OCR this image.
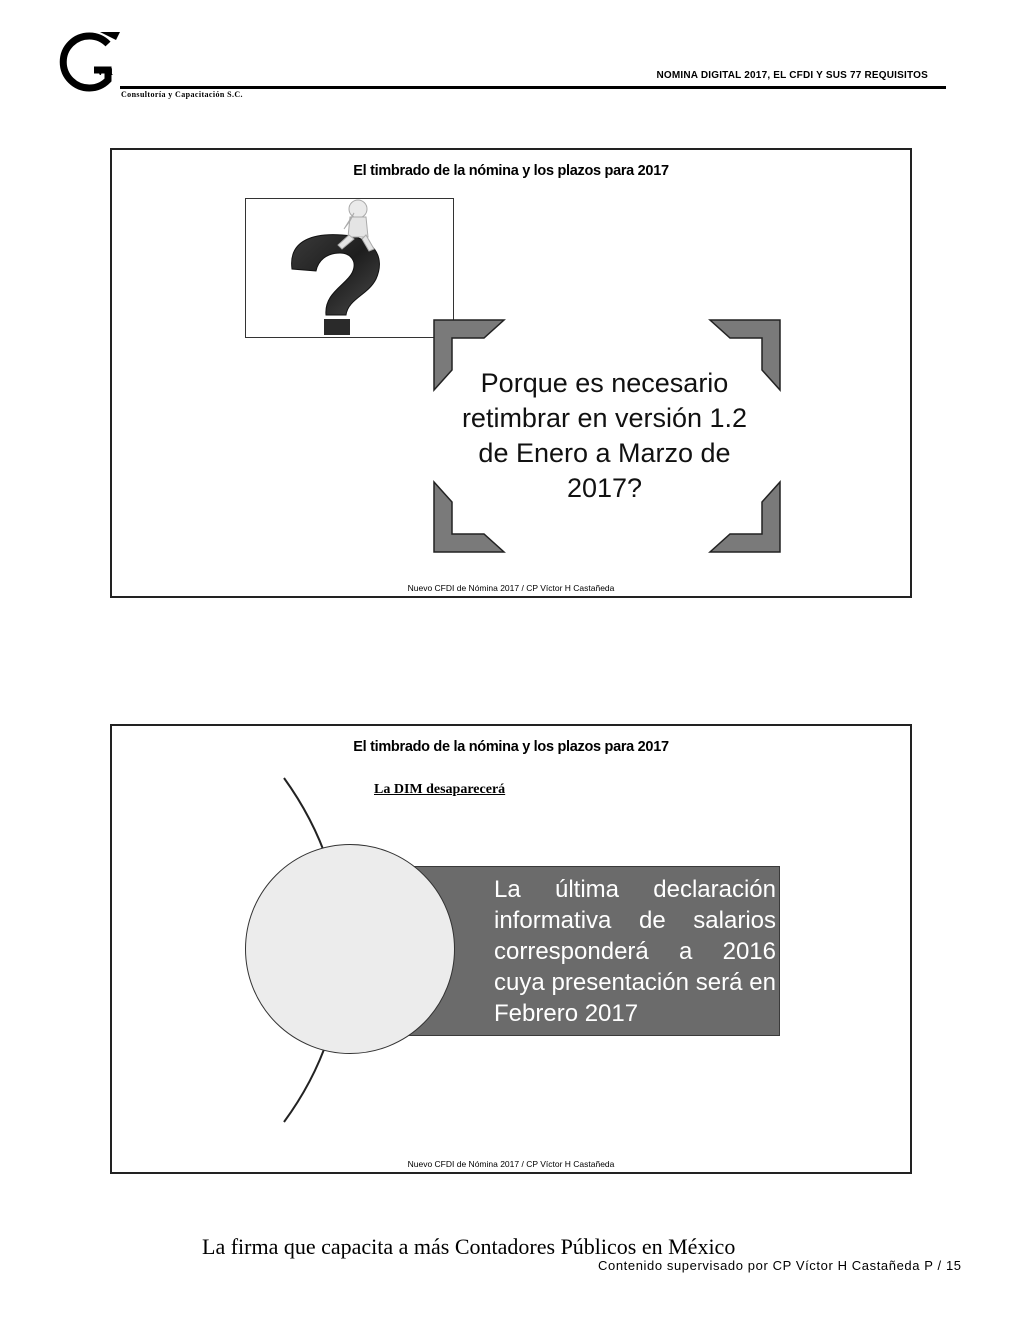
va
Consultoría y Capacitación S.C.
NOMINA DIGITAL 2017, EL CFDI Y SUS 77 REQUISITOS
El timbrado de la nómina y los plazos para 2017
Porque es necesario retimbrar en versión 1.2 de Enero a Marzo de 2017?
Nuevo CFDI de Nómina 2017 / CP Víctor H Castañeda
El timbrado de la nómina y los plazos para 2017
La DIM desaparecerá
La última declaración informativa de salarios corresponderá a 2016 cuya presentación será en Febrero 2017
Nuevo CFDI de Nómina 2017 / CP Víctor H Castañeda
La firma que capacita a más Contadores Públicos en México
Contenido supervisado por CP Víctor H Castañeda P / 15
